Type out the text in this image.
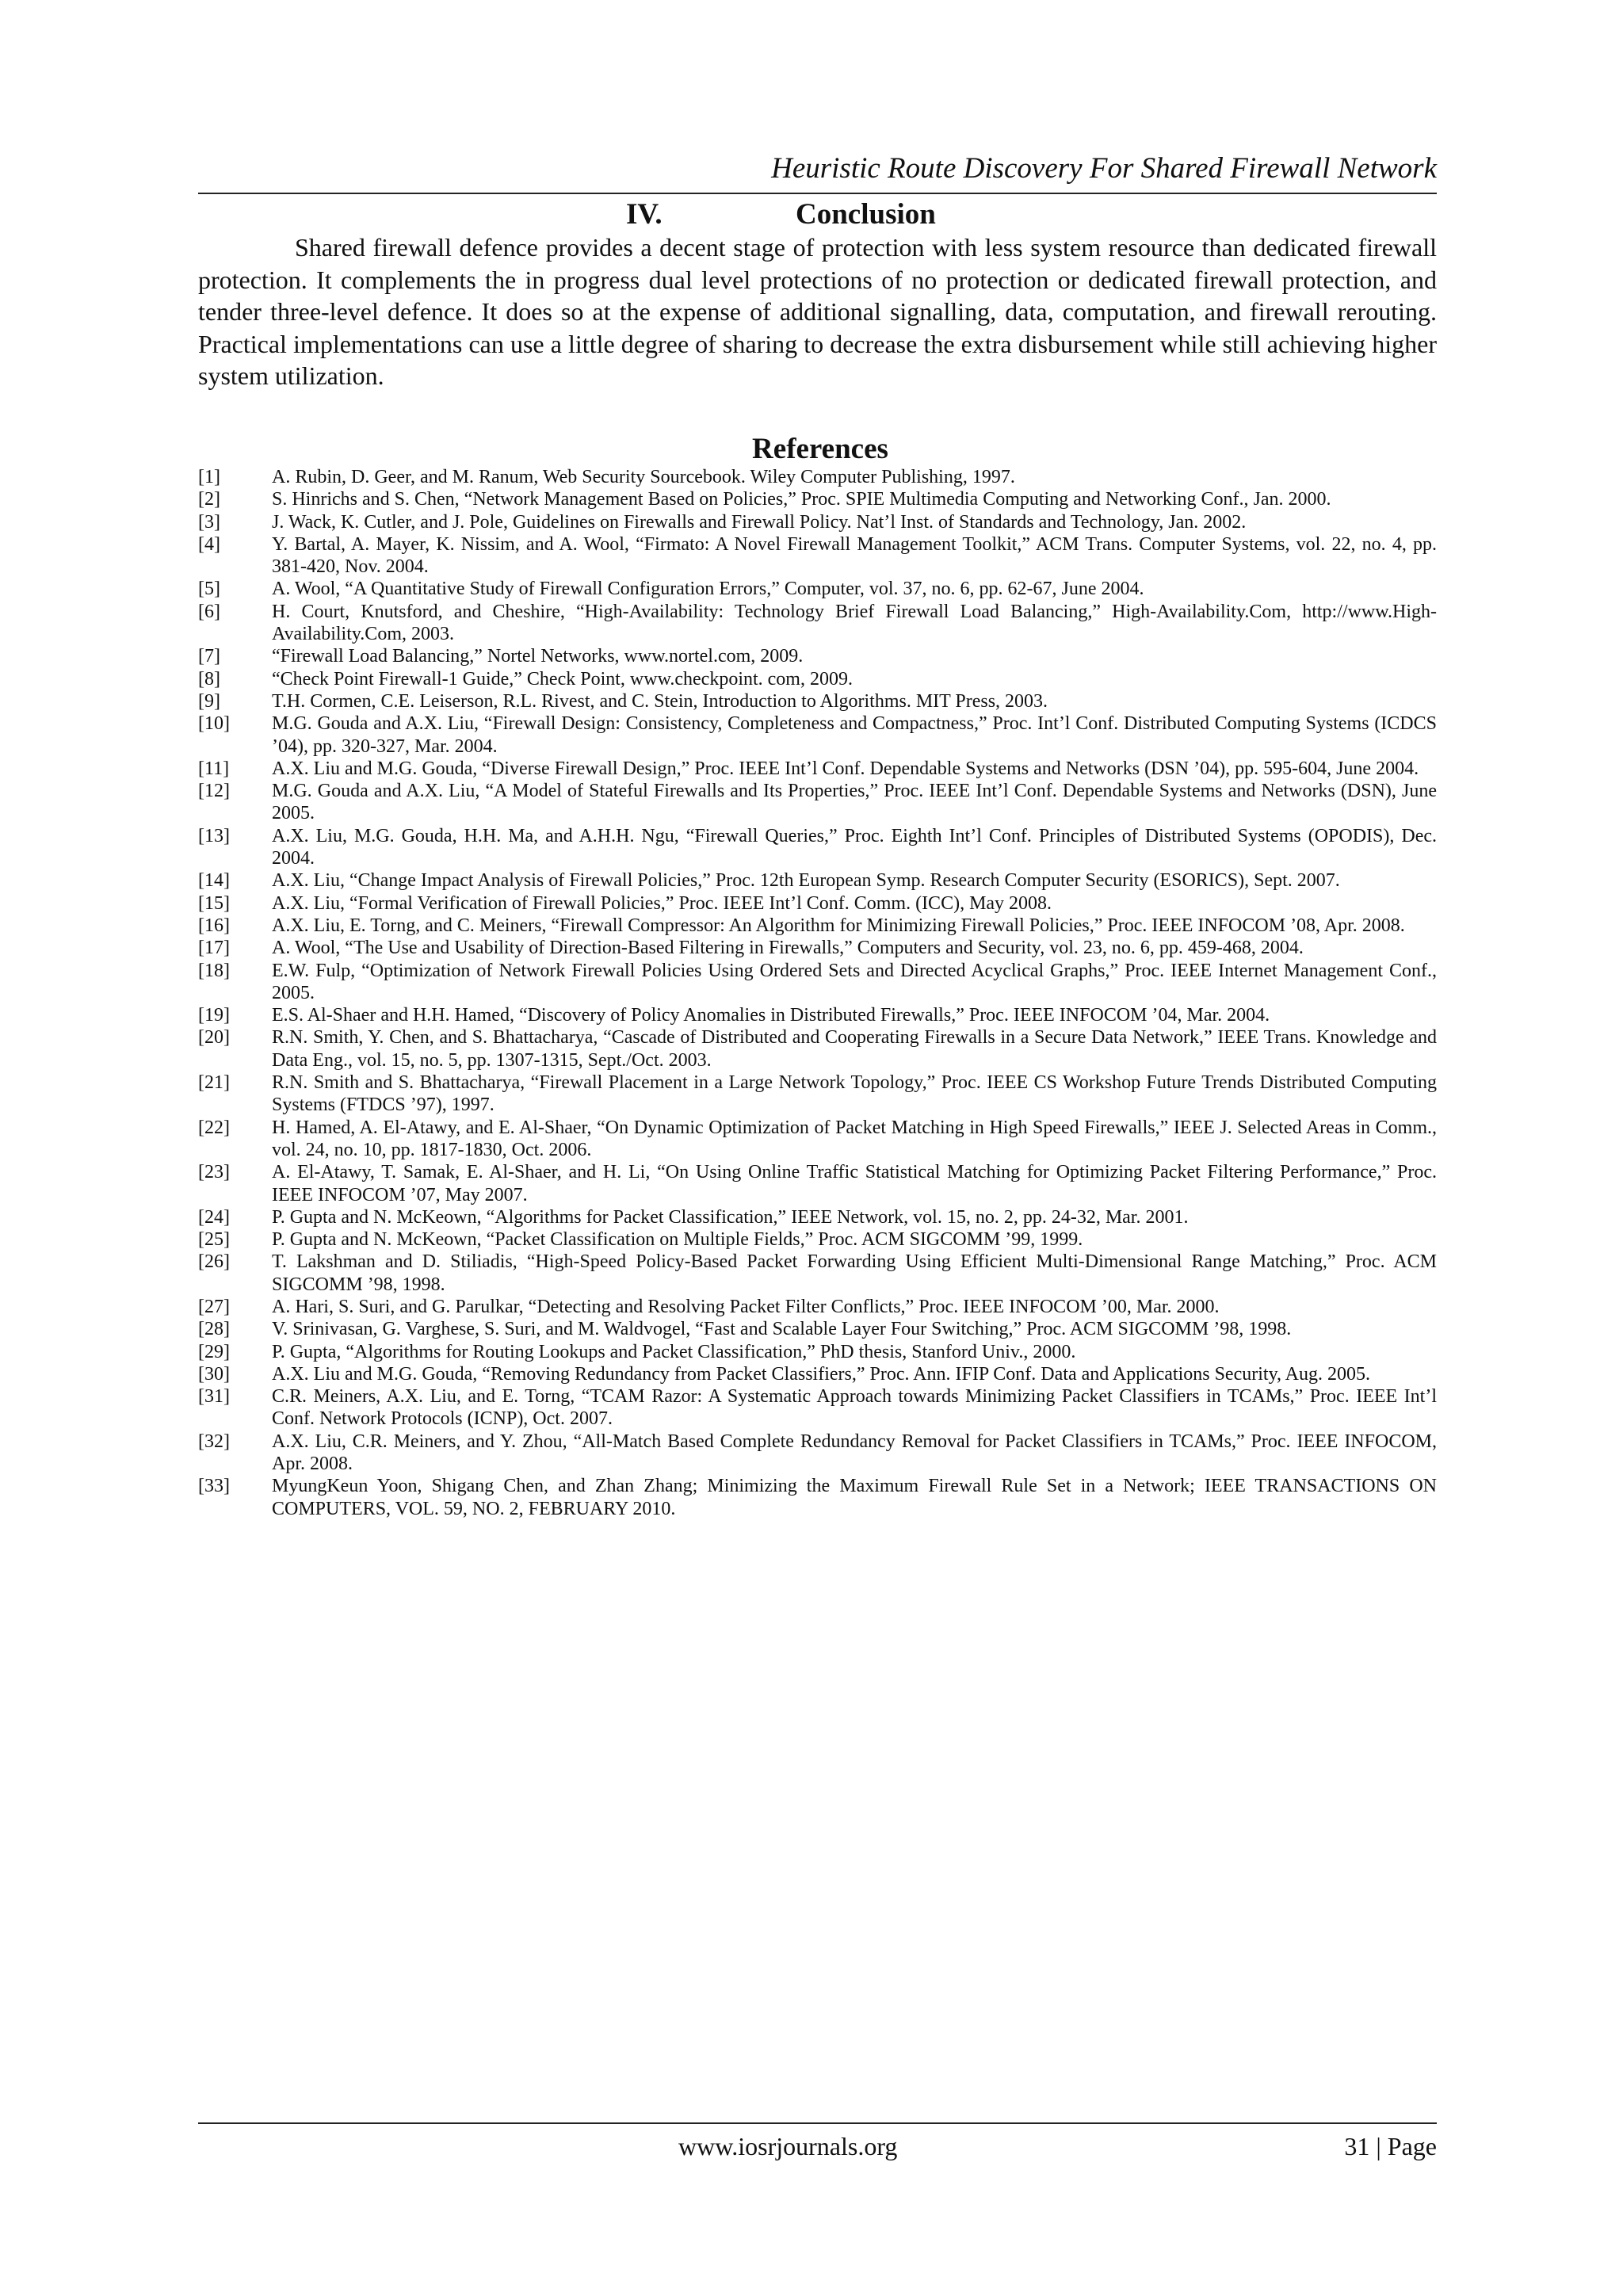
Heuristic Route Discovery For Shared Firewall Network
IV.	Conclusion

Shared firewall defence provides a decent stage of protection with less system resource than dedicated firewall protection. It complements the in progress dual level protections of no protection or dedicated firewall protection, and tender three-level defence. It does so at the expense of additional signalling, data, computation, and firewall rerouting. Practical implementations can use a little degree of sharing to decrease the extra disbursement while still achieving higher system utilization.

References

[1]	A. Rubin, D. Geer, and M. Ranum, Web Security Sourcebook. Wiley Computer Publishing, 1997.

[2]	S. Hinrichs and S. Chen, “Network Management Based on Policies,” Proc. SPIE Multimedia Computing and Networking Conf., Jan. 2000.

[3]	J. Wack, K. Cutler, and J. Pole, Guidelines on Firewalls and Firewall Policy. Nat’l Inst. of Standards and Technology, Jan. 2002.

[4]	Y. Bartal, A. Mayer, K. Nissim, and A. Wool, “Firmato: A Novel Firewall Management Toolkit,” ACM Trans. Computer Systems, vol. 22, no. 4, pp. 381-420, Nov. 2004.

[5]	A. Wool, “A Quantitative Study of Firewall Configuration Errors,” Computer, vol. 37, no. 6, pp. 62-67, June 2004.

[6]	H. Court, Knutsford, and Cheshire, “High-Availability: Technology Brief Firewall Load Balancing,” High-Availability.Com, http://www.High-Availability.Com, 2003.

[7]	“Firewall Load Balancing,” Nortel Networks, www.nortel.com, 2009.

[8]	“Check Point Firewall-1 Guide,” Check Point, www.checkpoint. com, 2009.

[9]	T.H. Cormen, C.E. Leiserson, R.L. Rivest, and C. Stein, Introduction to Algorithms. MIT Press, 2003.

[10] M.G. Gouda and A.X. Liu, “Firewall Design: Consistency, Completeness and Compactness,” Proc. Int’l Conf. Distributed Computing Systems (ICDCS ’04), pp. 320-327, Mar. 2004.

[11] A.X. Liu and M.G. Gouda, “Diverse Firewall Design,” Proc. IEEE Int’l Conf. Dependable Systems and Networks (DSN ’04), pp. 595-604, June 2004.

[12] M.G. Gouda and A.X. Liu, “A Model of Stateful Firewalls and Its Properties,” Proc. IEEE Int’l Conf. Dependable Systems and Networks (DSN), June 2005.

[13] A.X. Liu, M.G. Gouda, H.H. Ma, and A.H.H. Ngu, “Firewall Queries,” Proc. Eighth Int’l Conf. Principles of Distributed Systems (OPODIS), Dec. 2004.

[14] A.X. Liu, “Change Impact Analysis of Firewall Policies,” Proc. 12th European Symp. Research Computer Security (ESORICS), Sept. 2007.

[15] A.X. Liu, “Formal Verification of Firewall Policies,” Proc. IEEE Int’l Conf. Comm. (ICC), May 2008.

[16] A.X. Liu, E. Torng, and C. Meiners, “Firewall Compressor: An Algorithm for Minimizing Firewall Policies,” Proc. IEEE INFOCOM ’08, Apr. 2008.

[17] A. Wool, “The Use and Usability of Direction-Based Filtering in Firewalls,” Computers and Security, vol. 23, no. 6, pp. 459-468, 2004.

[18] E.W. Fulp, “Optimization of Network Firewall Policies Using Ordered Sets and Directed Acyclical Graphs,” Proc. IEEE Internet Management Conf., 2005.

[19] E.S. Al-Shaer and H.H. Hamed, “Discovery of Policy Anomalies in Distributed Firewalls,” Proc. IEEE INFOCOM ’04, Mar. 2004.

[20] R.N. Smith, Y. Chen, and S. Bhattacharya, “Cascade of Distributed and Cooperating Firewalls in a Secure Data Network,” IEEE Trans. Knowledge and Data Eng., vol. 15, no. 5, pp. 1307-1315, Sept./Oct. 2003.

[21] R.N. Smith and S. Bhattacharya, “Firewall Placement in a Large Network Topology,” Proc. IEEE CS Workshop Future Trends Distributed Computing Systems (FTDCS ’97), 1997.

[22] H. Hamed, A. El-Atawy, and E. Al-Shaer, “On Dynamic Optimization of Packet Matching in High Speed Firewalls,” IEEE J. Selected Areas in Comm., vol. 24, no. 10, pp. 1817-1830, Oct. 2006.

[23] A. El-Atawy, T. Samak, E. Al-Shaer, and H. Li, “On Using Online Traffic Statistical Matching for Optimizing Packet Filtering Performance,” Proc. IEEE INFOCOM ’07, May 2007.

[24] P. Gupta and N. McKeown, “Algorithms for Packet Classification,” IEEE Network, vol. 15, no. 2, pp. 24-32, Mar. 2001.

[25] P. Gupta and N. McKeown, “Packet Classification on Multiple Fields,” Proc. ACM SIGCOMM ’99, 1999.

[26] T. Lakshman and D. Stiliadis, “High-Speed Policy-Based Packet Forwarding Using Efficient Multi-Dimensional Range Matching,” Proc. ACM SIGCOMM ’98, 1998.

[27] A. Hari, S. Suri, and G. Parulkar, “Detecting and Resolving Packet Filter Conflicts,” Proc. IEEE INFOCOM ’00, Mar. 2000.

[28] V. Srinivasan, G. Varghese, S. Suri, and M. Waldvogel, “Fast and Scalable Layer Four Switching,” Proc. ACM SIGCOMM ’98, 1998.

[29] P. Gupta, “Algorithms for Routing Lookups and Packet Classification,” PhD thesis, Stanford Univ., 2000.

[30] A.X. Liu and M.G. Gouda, “Removing Redundancy from Packet Classifiers,” Proc. Ann. IFIP Conf. Data and Applications Security, Aug. 2005.

[31] C.R. Meiners, A.X. Liu, and E. Torng, “TCAM Razor: A Systematic Approach towards Minimizing Packet Classifiers in TCAMs,” Proc. IEEE Int’l Conf. Network Protocols (ICNP), Oct. 2007.

[32] A.X. Liu, C.R. Meiners, and Y. Zhou, “All-Match Based Complete Redundancy Removal for Packet Classifiers in TCAMs,” Proc. IEEE INFOCOM, Apr. 2008.

[33] MyungKeun Yoon, Shigang Chen, and Zhan Zhang; Minimizing the Maximum Firewall Rule Set in a Network; IEEE TRANSACTIONS ON COMPUTERS, VOL. 59, NO. 2, FEBRUARY 2010.

www.iosrjournals.org	31 | Page
